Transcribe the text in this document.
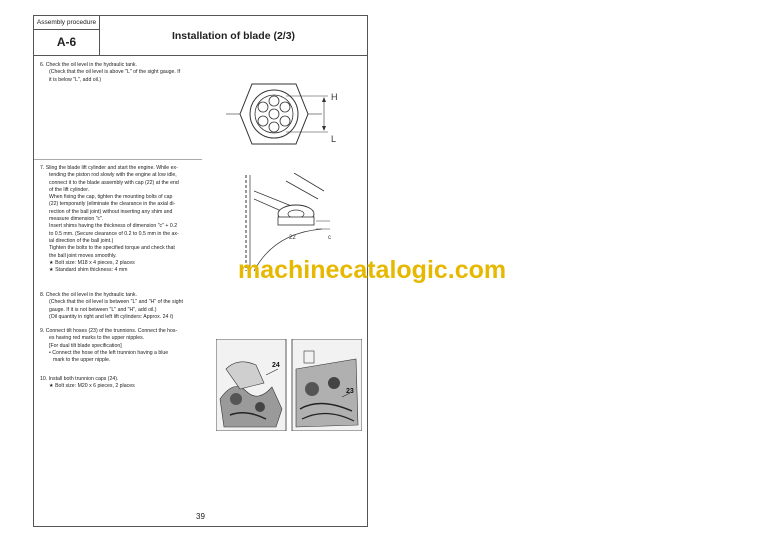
Assembly procedure
A-6	Installation of blade (2/3)
6. Check the oil level in the hydraulic tank.
(Check that the oil level is above "L" of the sight gauge. If
it is below "L", add oil.)
7. Sling the blade lift cylinder and start the engine. While ex-
tending the piston rod slowly with the engine at low idle,
connect it to the blade assembly with cap (22) at the end
of the lift cylinder.
When fixing the cap, tighten the mounting bolts of cap
(22) temporarily (eliminate the clearance in the axial di-
rection of the ball joint) without inserting any shim and
measure dimension "c".
Insert shims having the thickness of dimension "c" + 0.2
to 0.5 mm. (Secure clearance of 0.2 to 0.5 mm in the ax-
ial direction of the ball joint.)
Tighten the bolts to the specified torque and check that
the ball joint moves smoothly.
★ Bolt size: M18 x 4 pieces, 2 places
★ Standard shim thickness: 4 mm
8. Check the oil level in the hydraulic tank.
(Check that the oil level is between "L" and "H" of the sight
gauge. If it is not between "L" and "H", add oil.)
(Oil quantity in right and left lift cylinders: Approx. 24 ℓ)
9. Connect tilt hoses (23) of the trunnions. Connect the hos-
es having red marks to the upper nipples.
[For dual tilt blade specification]
• Connect the hose of the left trunnion having a blue
mark to the upper nipple.
10. Install both trunnion caps (24).
★ Bolt size: M20 x 6 pieces, 2 places
H
L
22	c
24
23
39
machinecatalogic.com
